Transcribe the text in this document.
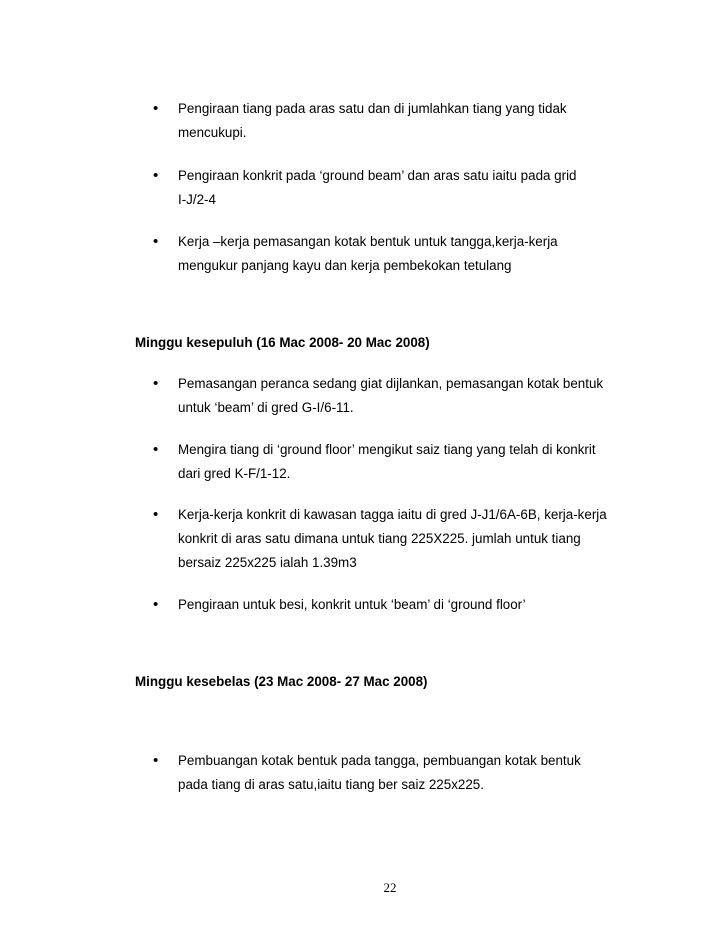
•	Pengiraan tiang pada aras satu dan di jumlahkan tiang yang tidak
mencukupi.
•	Pengiraan konkrit pada ‘ground beam’ dan aras satu iaitu pada grid
I-J/2-4
•	Kerja –kerja pemasangan kotak bentuk untuk tangga,kerja-kerja
mengukur panjang kayu dan kerja pembekokan tetulang
Minggu kesepuluh (16 Mac 2008- 20 Mac 2008)
•	Pemasangan peranca sedang giat dijlankan, pemasangan kotak bentuk
untuk ‘beam’ di gred G-I/6-11.
•	Mengira tiang di ‘ground floor’ mengikut saiz tiang yang telah di konkrit
dari gred K-F/1-12.
•	Kerja-kerja konkrit di kawasan tagga iaitu di gred J-J1/6A-6B, kerja-kerja
konkrit di aras satu dimana untuk tiang 225X225. jumlah untuk tiang
bersaiz 225x225 ialah 1.39m3
•	Pengiraan untuk besi, konkrit untuk ‘beam’ di ‘ground floor’
Minggu kesebelas (23 Mac 2008- 27 Mac 2008)
•	Pembuangan kotak bentuk pada tangga, pembuangan kotak bentuk
pada tiang di aras satu,iaitu tiang ber saiz 225x225.
22
